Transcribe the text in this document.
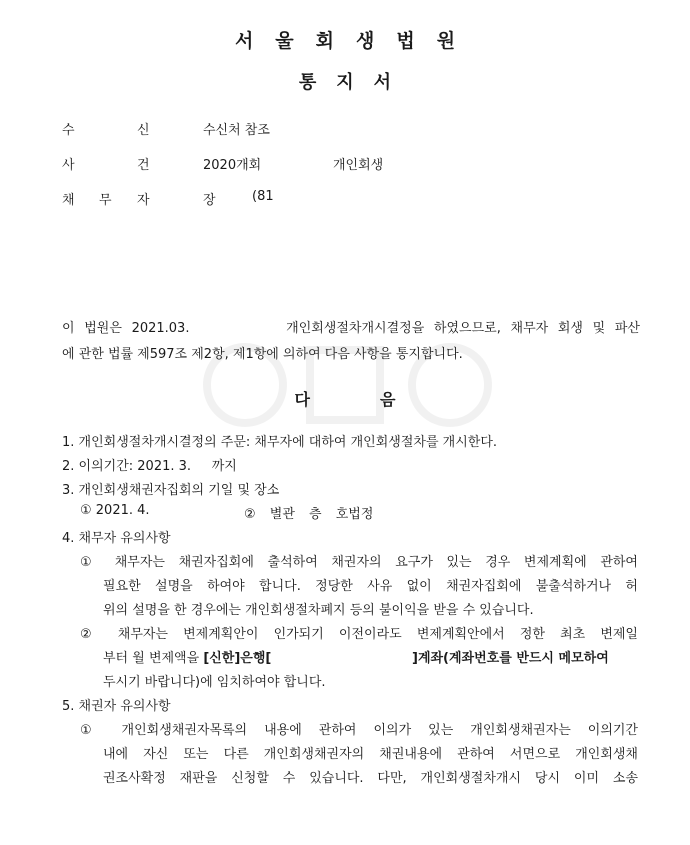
서울회생법원
통지서
수	신	수신처 참조
사	건	2020개회	개인회생
채 무 자	장	(81
이 법원은 2021.03.          개인회생절차개시결정을 하였으므로, 채무자 회생 및 파산
에 관한 법률 제597조 제2항, 제1항에 의하여 다음 사항을 통지합니다.
다음
1. 개인회생절차개시결정의 주문: 채무자에 대하여 개인회생절차를 개시한다.
2. 이의기간: 2021. 3.     까지
3. 개인회생채권자집회의 기일 및 장소
① 2021. 4.	② 별관 층 호법정
4. 채무자 유의사항
① 채무자는 채권자집회에 출석하여 채권자의 요구가 있는 경우 변제계획에 관하여
필요한 설명을 하여야 합니다. 정당한 사유 없이 채권자집회에 불출석하거나 허
위의 설명을 한 경우에는 개인회생절차폐지 등의 불이익을 받을 수 있습니다.
② 채무자는 변제계획안이 인가되기 이전이라도 변제계획안에서 정한 최초 변제일
부터 월 변제액을 [신한]은행[	]계좌(계좌번호를 반드시 메모하여
두시기 바랍니다)에 임치하여야 합니다.
5. 채권자 유의사항
① 개인회생채권자목록의 내용에 관하여 이의가 있는 개인회생채권자는 이의기간
내에 자신 또는 다른 개인회생채권자의 채권내용에 관하여 서면으로 개인회생채
권조사확정 재판을 신청할 수 있습니다. 다만, 개인회생절차개시 당시 이미 소송
